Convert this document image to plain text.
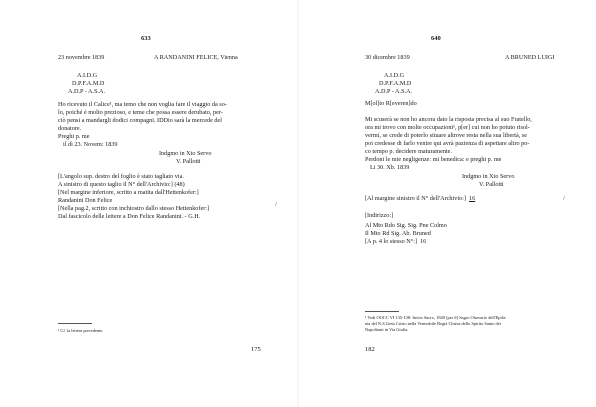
633
23 novembre 1839	A RANDANINI FELICE, Vienna
A.I.D.G
D.P.F.A.M.D
A.D.P - A.S.A.
Ho ricevuto il Calice¹, ma temo che non voglia fare il viaggio da so-
lo, poiché è molto prezioso, e teme che possa essere derubato, per-
ciò pensi a mandargli dodici compagni. IDDio sarà la mercede del
donatore.
Preghi p. me
il dì 23. Novem: 1839
Indgmo in Xto Servo
V. Pallotti
[L'angolo sup. destro del foglio è stato tagliato via.
A sinistro di questo taglio il N° dell'Archivio:] (48)
[Nel margine inferiore, scritto a matita dall'Hettenkofer:]
Randanini Don Felice
[Nella pag.2, scritto con inchiostro dallo stesso Hettenkofer:]
Dal fascicolo delle lettere a Don Felice Randanini. - G.H.
/
¹ Cf. la lettera precedente.
175
640
30 dicembre 1839	A BRUNED LUIGI
A.I.D.G
D.P.F.A.M.D
A.D.P - A.S.A.
M[ol]to R[everen]do
Mi scuserà se non ho ancora dato la risposta precisa al suo Fratello,
ora mi trovo con molte occupazioni¹, p[er] cui non ho potuto risol-
vermi, se crede di poterlo situare altrove resta nella sua libertà, se
poi credesse di farlo venire qui avrà pazienza di aspettare altro po-
co tempo p. decidere maturamente.
Perdoni le mie negligenze: mi benedica: e preghi p. me
Li 30. Xb. 1839
Indgmo in Xto Servo
V. Pallotti
[Al margine sinistro il N° dell'Archivio:] 16	/
[Indirizzo:]
Al Mto Rdo Sig. Sig. Pne Colmo
Il Mto Rd Sig. Ab. Bruned
[A p. 4 lo stesso N°:]  16
¹ Vedi OOCC VI 135-138: Invito Sacro, 1840 [per il] Sagro Ottavario dell'Epifa-
nia del N.S.Gesù Cristo nella Venerabile Regia Chiesa dello Spirito Santo dei
Napolitani in Via Giulia.
182
